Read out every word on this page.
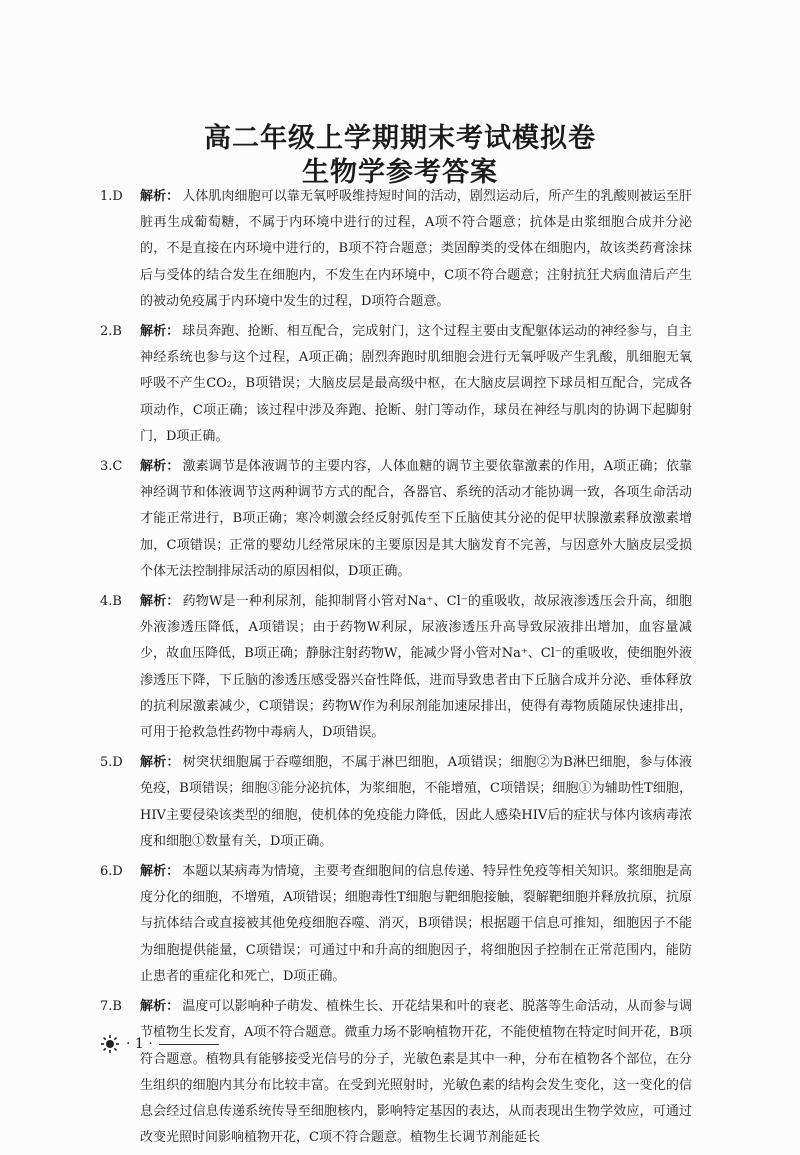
高二年级上学期期末考试模拟卷
生物学参考答案
1.D	解析： 人体肌肉细胞可以靠无氧呼吸维持短时间的活动，剧烈运动后，所产生的乳酸则被运至肝脏再生成葡萄糖，不属于内环境中进行的过程，A项不符合题意；抗体是由浆细胞合成并分泌的，不是直接在内环境中进行的，B项不符合题意；类固醇类的受体在细胞内，故该类药膏涂抹后与受体的结合发生在细胞内，不发生在内环境中，C项不符合题意；注射抗狂犬病血清后产生的被动免疫属于内环境中发生的过程，D项符合题意。
2.B	解析： 球员奔跑、抢断、相互配合，完成射门，这个过程主要由支配躯体运动的神经参与，自主神经系统也参与这个过程，A项正确；剧烈奔跑时肌细胞会进行无氧呼吸产生乳酸，肌细胞无氧呼吸不产生CO₂，B项错误；大脑皮层是最高级中枢，在大脑皮层调控下球员相互配合，完成各项动作，C项正确；该过程中涉及奔跑、抢断、射门等动作，球员在神经与肌肉的协调下起脚射门，D项正确。
3.C	解析： 激素调节是体液调节的主要内容，人体血糖的调节主要依靠激素的作用，A项正确；依靠神经调节和体液调节这两种调节方式的配合，各器官、系统的活动才能协调一致，各项生命活动才能正常进行，B项正确；寒冷刺激会经反射弧传至下丘脑使其分泌的促甲状腺激素释放激素增加，C项错误；正常的婴幼儿经常尿床的主要原因是其大脑发育不完善，与因意外大脑皮层受损个体无法控制排尿活动的原因相似，D项正确。
4.B	解析： 药物W是一种利尿剂，能抑制肾小管对Na⁺、Cl⁻的重吸收，故尿液渗透压会升高，细胞外液渗透压降低，A项错误；由于药物W利尿，尿液渗透压升高导致尿液排出增加，血容量减少，故血压降低，B项正确；静脉注射药物W，能减少肾小管对Na⁺、Cl⁻的重吸收，使细胞外液渗透压下降，下丘脑的渗透压感受器兴奋性降低，进而导致患者由下丘脑合成并分泌、垂体释放的抗利尿激素减少，C项错误；药物W作为利尿剂能加速尿排出，使得有毒物质随尿快速排出，可用于抢救急性药物中毒病人，D项错误。
5.D	解析： 树突状细胞属于吞噬细胞，不属于淋巴细胞，A项错误；细胞②为B淋巴细胞，参与体液免疫，B项错误；细胞③能分泌抗体，为浆细胞，不能增殖，C项错误；细胞①为辅助性T细胞，HIV主要侵染该类型的细胞，使机体的免疫能力降低，因此人感染HIV后的症状与体内该病毒浓度和细胞①数量有关，D项正确。
6.D	解析： 本题以某病毒为情境，主要考查细胞间的信息传递、特异性免疫等相关知识。浆细胞是高度分化的细胞，不增殖，A项错误；细胞毒性T细胞与靶细胞接触，裂解靶细胞并释放抗原，抗原与抗体结合或直接被其他免疫细胞吞噬、消灭，B项错误；根据题干信息可推知，细胞因子不能为细胞提供能量，C项错误；可通过中和升高的细胞因子，将细胞因子控制在正常范围内，能防止患者的重症化和死亡，D项正确。
7.B	解析： 温度可以影响种子萌发、植株生长、开花结果和叶的衰老、脱落等生命活动，从而参与调节植物生长发育，A项不符合题意。微重力场不影响植物开花，不能使植物在特定时间开花，B项符合题意。植物具有能够接受光信号的分子，光敏色素是其中一种，分布在植物各个部位，在分生组织的细胞内其分布比较丰富。在受到光照射时，光敏色素的结构会发生变化，这一变化的信息会经过信息传递系统传导至细胞核内，影响特定基因的表达，从而表现出生物学效应，可通过改变光照时间影响植物开花，C项不符合题意。植物生长调节剂能延长
· 1 ·
